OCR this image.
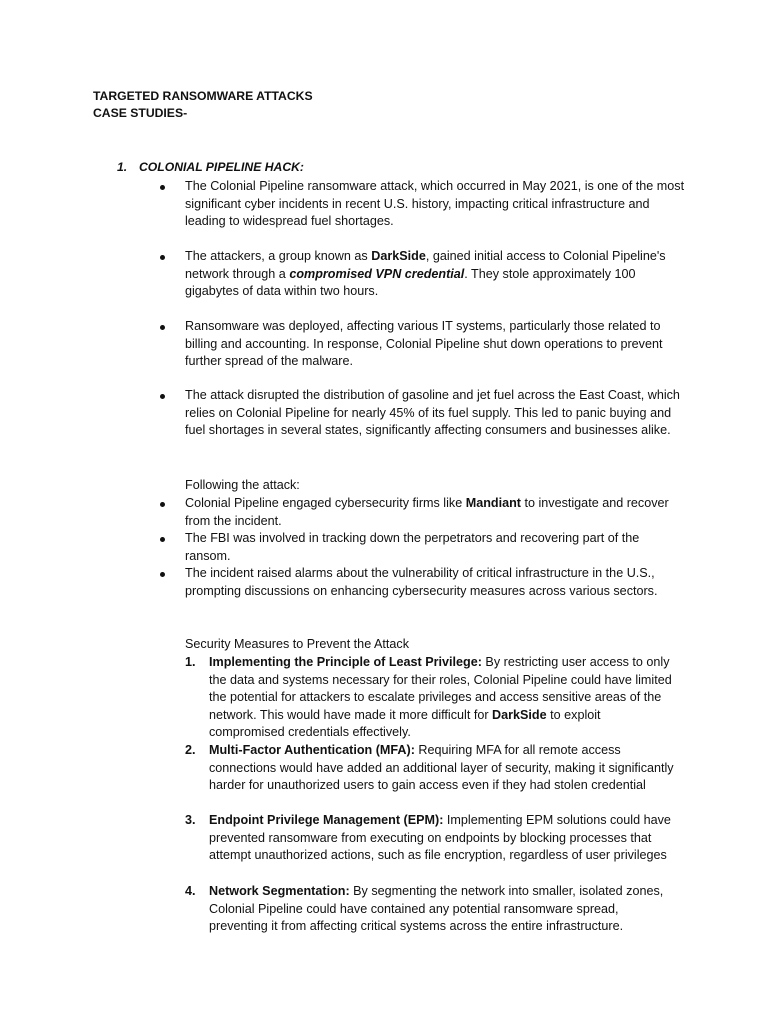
TARGETED RANSOMWARE ATTACKS
CASE STUDIES-
1. COLONIAL PIPELINE HACK:
The Colonial Pipeline ransomware attack, which occurred in May 2021, is one of the most significant cyber incidents in recent U.S. history, impacting critical infrastructure and leading to widespread fuel shortages.
The attackers, a group known as DarkSide, gained initial access to Colonial Pipeline's network through a compromised VPN credential. They stole approximately 100 gigabytes of data within two hours.
Ransomware was deployed, affecting various IT systems, particularly those related to billing and accounting. In response, Colonial Pipeline shut down operations to prevent further spread of the malware.
The attack disrupted the distribution of gasoline and jet fuel across the East Coast, which relies on Colonial Pipeline for nearly 45% of its fuel supply. This led to panic buying and fuel shortages in several states, significantly affecting consumers and businesses alike.
Following the attack:
Colonial Pipeline engaged cybersecurity firms like Mandiant to investigate and recover from the incident.
The FBI was involved in tracking down the perpetrators and recovering part of the ransom.
The incident raised alarms about the vulnerability of critical infrastructure in the U.S., prompting discussions on enhancing cybersecurity measures across various sectors.
Security Measures to Prevent the Attack
1. Implementing the Principle of Least Privilege: By restricting user access to only the data and systems necessary for their roles, Colonial Pipeline could have limited the potential for attackers to escalate privileges and access sensitive areas of the network. This would have made it more difficult for DarkSide to exploit compromised credentials effectively.
2. Multi-Factor Authentication (MFA): Requiring MFA for all remote access connections would have added an additional layer of security, making it significantly harder for unauthorized users to gain access even if they had stolen credential
3. Endpoint Privilege Management (EPM): Implementing EPM solutions could have prevented ransomware from executing on endpoints by blocking processes that attempt unauthorized actions, such as file encryption, regardless of user privileges
4. Network Segmentation: By segmenting the network into smaller, isolated zones, Colonial Pipeline could have contained any potential ransomware spread, preventing it from affecting critical systems across the entire infrastructure.
